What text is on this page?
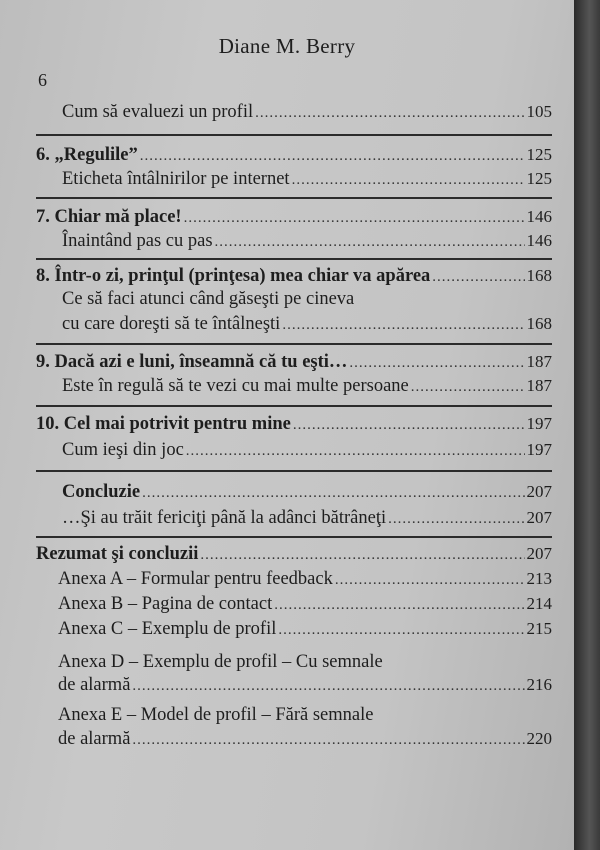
Diane M. Berry
6
Cum să evaluezi un profil .....	105
6. „Regulile” .....	125
Eticheta întâlnirilor pe internet .....	125
7. Chiar mă place! .....	146
Înaintând pas cu pas .....	146
8. Într-o zi, prinţul (prinţesa) mea chiar va apărea .....	168
Ce să faci atunci când găseşti pe cineva
cu care doreşti să te întâlneşti .....	168
9. Dacă azi e luni, înseamnă că tu eşti… .....	187
Este în regulă să te vezi cu mai multe persoane .....	187
10. Cel mai potrivit pentru mine .....	197
Cum ieşi din joc .....	197
Concluzie .....	207
…Şi au trăit fericiţi până la adânci bătrâneţi .....	207
Rezumat şi concluzii .....	207
Anexa A – Formular pentru feedback .....	213
Anexa B – Pagina de contact .....	214
Anexa C – Exemplu de profil .....	215
Anexa D – Exemplu de profil – Cu semnale
de alarmă .....	216
Anexa E – Model de profil – Fără semnale
de alarmă .....	220
